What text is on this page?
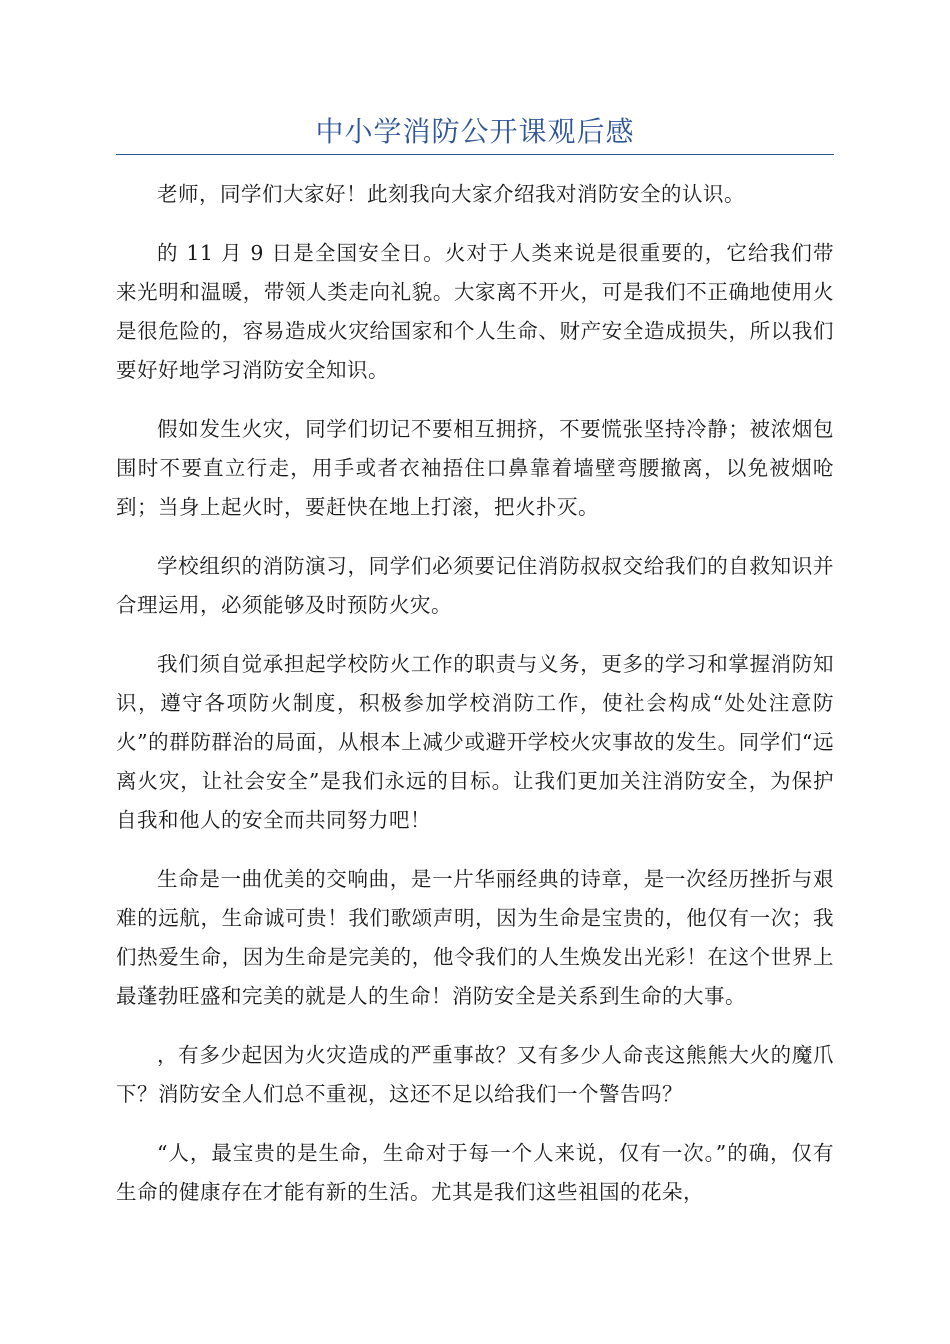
中小学消防公开课观后感

老师，同学们大家好！此刻我向大家介绍我对消防安全的认识。

的 11 月 9 日是全国安全日。火对于人类来说是很重要的，它给我们带来光明和温暖，带领人类走向礼貌。大家离不开火，可是我们不正确地使用火是很危险的，容易造成火灾给国家和个人生命、财产安全造成损失，所以我们要好好地学习消防安全知识。

假如发生火灾，同学们切记不要相互拥挤，不要慌张坚持冷静；被浓烟包围时不要直立行走，用手或者衣袖捂住口鼻靠着墙壁弯腰撤离，以免被烟呛到；当身上起火时，要赶快在地上打滚，把火扑灭。

学校组织的消防演习，同学们必须要记住消防叔叔交给我们的自救知识并合理运用，必须能够及时预防火灾。

我们须自觉承担起学校防火工作的职责与义务，更多的学习和掌握消防知识，遵守各项防火制度，积极参加学校消防工作，使社会构成“处处注意防火”的群防群治的局面，从根本上减少或避开学校火灾事故的发生。同学们“远离火灾，让社会安全”是我们永远的目标。让我们更加关注消防安全，为保护自我和他人的安全而共同努力吧！

生命是一曲优美的交响曲，是一片华丽经典的诗章，是一次经历挫折与艰难的远航，生命诚可贵！我们歌颂声明，因为生命是宝贵的，他仅有一次；我们热爱生命，因为生命是完美的，他令我们的人生焕发出光彩！在这个世界上最蓬勃旺盛和完美的就是人的生命！消防安全是关系到生命的大事。

，有多少起因为火灾造成的严重事故？又有多少人命丧这熊熊大火的魔爪下？消防安全人们总不重视，这还不足以给我们一个警告吗？

“人，最宝贵的是生命，生命对于每一个人来说，仅有一次。”的确，仅有生命的健康存在才能有新的生活。尤其是我们这些祖国的花朵，
